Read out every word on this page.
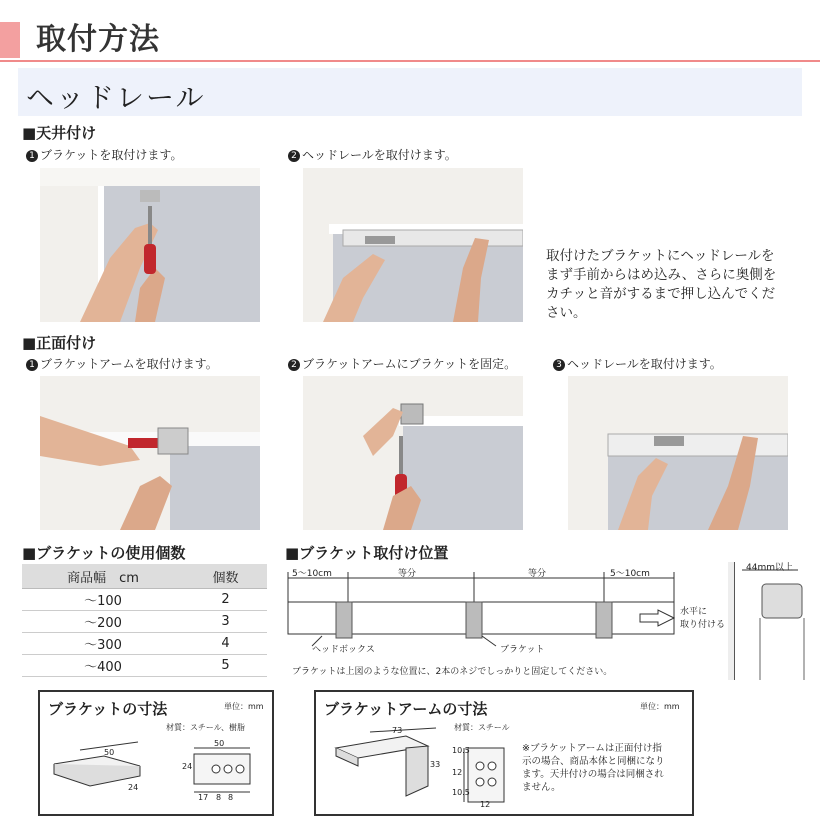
取付方法
ヘッドレール
■天井付け
1 ブラケットを取付けます。	2 ヘッドレールを取付けます。
取付けたブラケットにヘッドレールを
まず手前からはめ込み、さらに奥側を
カチッと音がするまで押し込んでくだ
さい。
■正面付け
1 ブラケットアームを取付けます。	2 ブラケットアームにブラケットを固定。	3 ヘッドレールを取付けます。
■ブラケットの使用個数
商品幅　cm	個数
～100	2
～200	3
～300	4
～400	5
■ブラケット取付け位置
5～10cm	等分	等分	5～10cm
ヘッドボックス	ブラケット
水平に
取り付ける
ブラケットは上図のような位置に、2本のネジでしっかりと固定してください。
44mm以上
ブラケットの寸法	単位：mm
材質：スチール、樹脂
50
24
50
24
17 8 8
ブラケットアームの寸法	単位：mm
材質：スチール
73
33
10.5
12
10.5
12
※ブラケットアームは正面付け指
示の場合、商品本体と同梱になり
ます。天井付けの場合は同梱され
ません。
